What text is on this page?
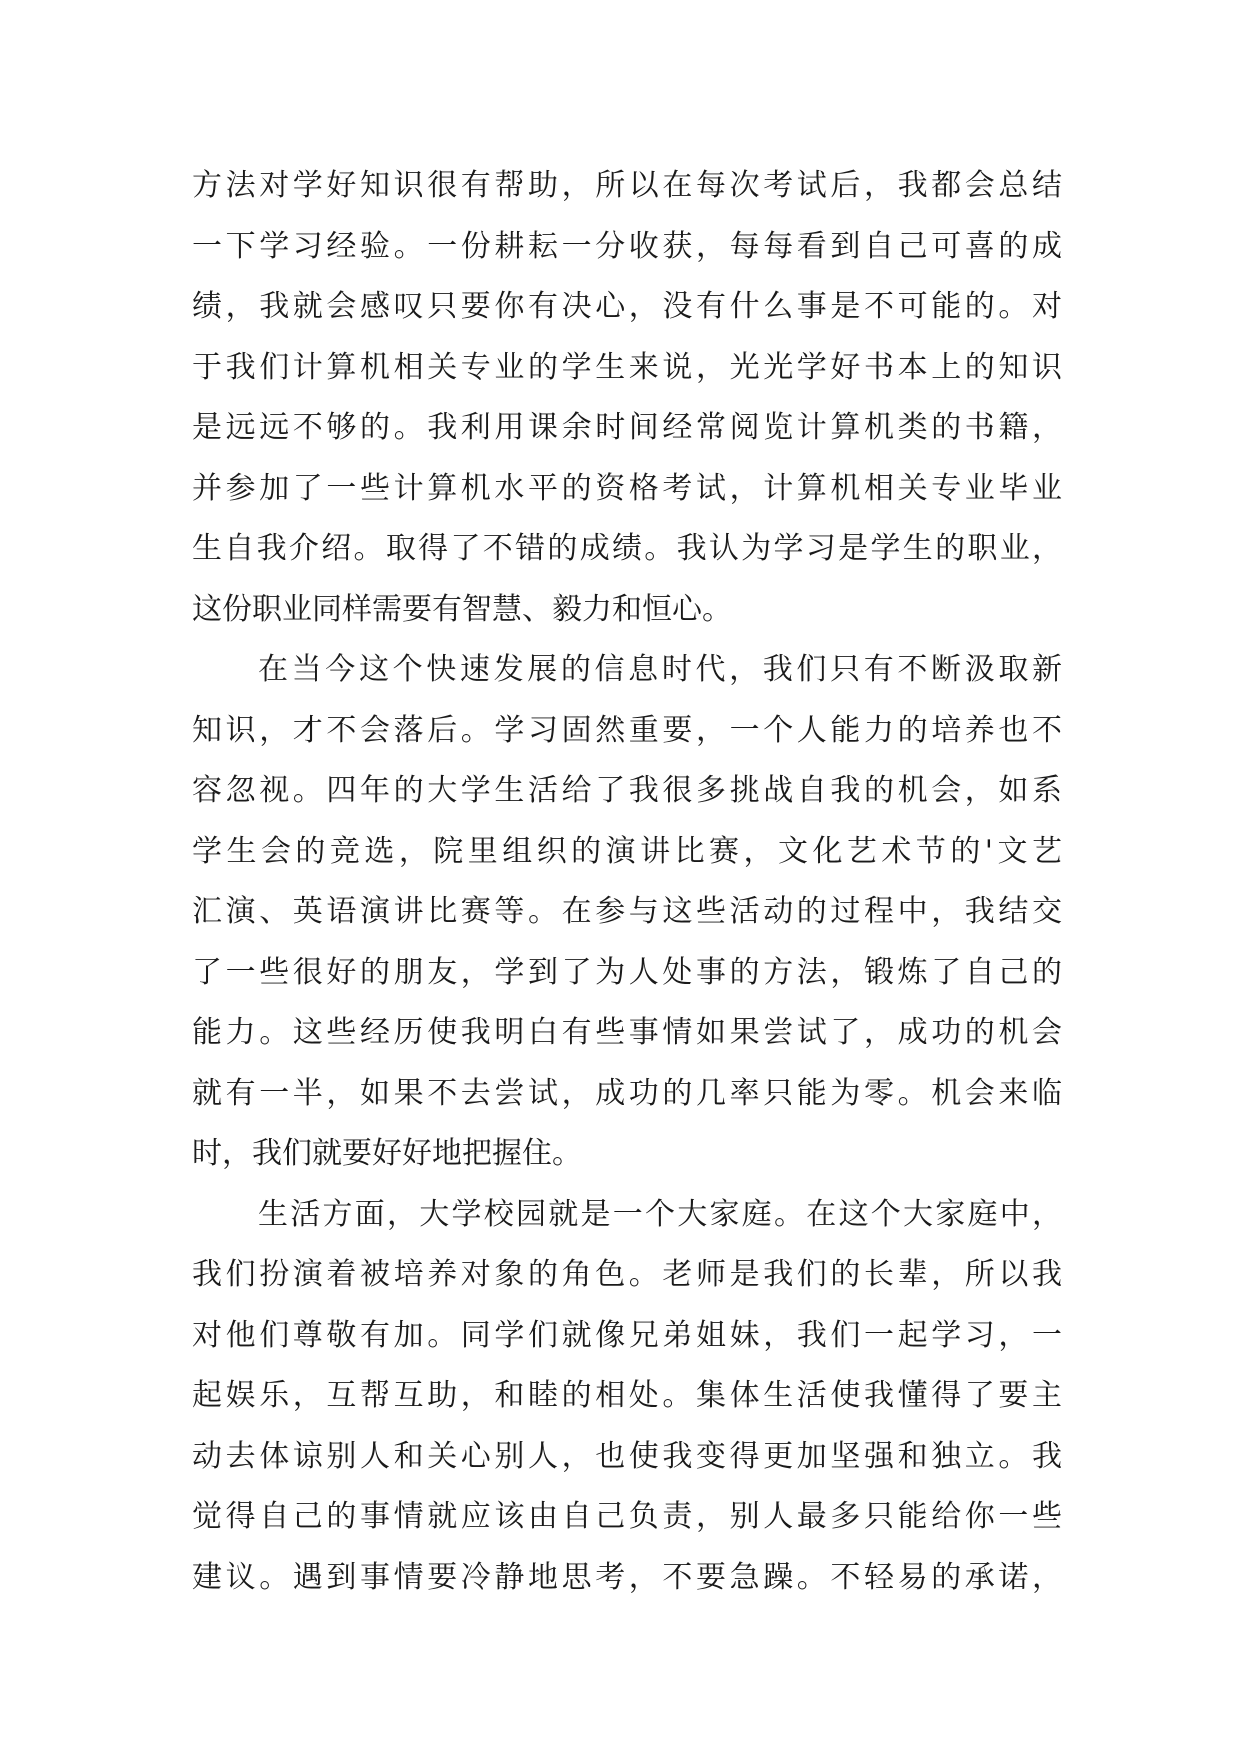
方法对学好知识很有帮助，所以在每次考试后，我都会总结
一下学习经验。一份耕耘一分收获，每每看到自己可喜的成
绩，我就会感叹只要你有决心，没有什么事是不可能的。对
于我们计算机相关专业的学生来说，光光学好书本上的知识
是远远不够的。我利用课余时间经常阅览计算机类的书籍，
并参加了一些计算机水平的资格考试，计算机相关专业毕业
生自我介绍。取得了不错的成绩。我认为学习是学生的职业，
这份职业同样需要有智慧、毅力和恒心。
在当今这个快速发展的信息时代，我们只有不断汲取新
知识，才不会落后。学习固然重要，一个人能力的培养也不
容忽视。四年的大学生活给了我很多挑战自我的机会，如系
学生会的竞选，院里组织的演讲比赛，文化艺术节的'文艺
汇演、英语演讲比赛等。在参与这些活动的过程中，我结交
了一些很好的朋友，学到了为人处事的方法，锻炼了自己的
能力。这些经历使我明白有些事情如果尝试了，成功的机会
就有一半，如果不去尝试，成功的几率只能为零。机会来临
时，我们就要好好地把握住。
生活方面，大学校园就是一个大家庭。在这个大家庭中，
我们扮演着被培养对象的角色。老师是我们的长辈，所以我
对他们尊敬有加。同学们就像兄弟姐妹，我们一起学习，一
起娱乐，互帮互助，和睦的相处。集体生活使我懂得了要主
动去体谅别人和关心别人，也使我变得更加坚强和独立。我
觉得自己的事情就应该由自己负责，别人最多只能给你一些
建议。遇到事情要冷静地思考，不要急躁。不轻易的承诺，
